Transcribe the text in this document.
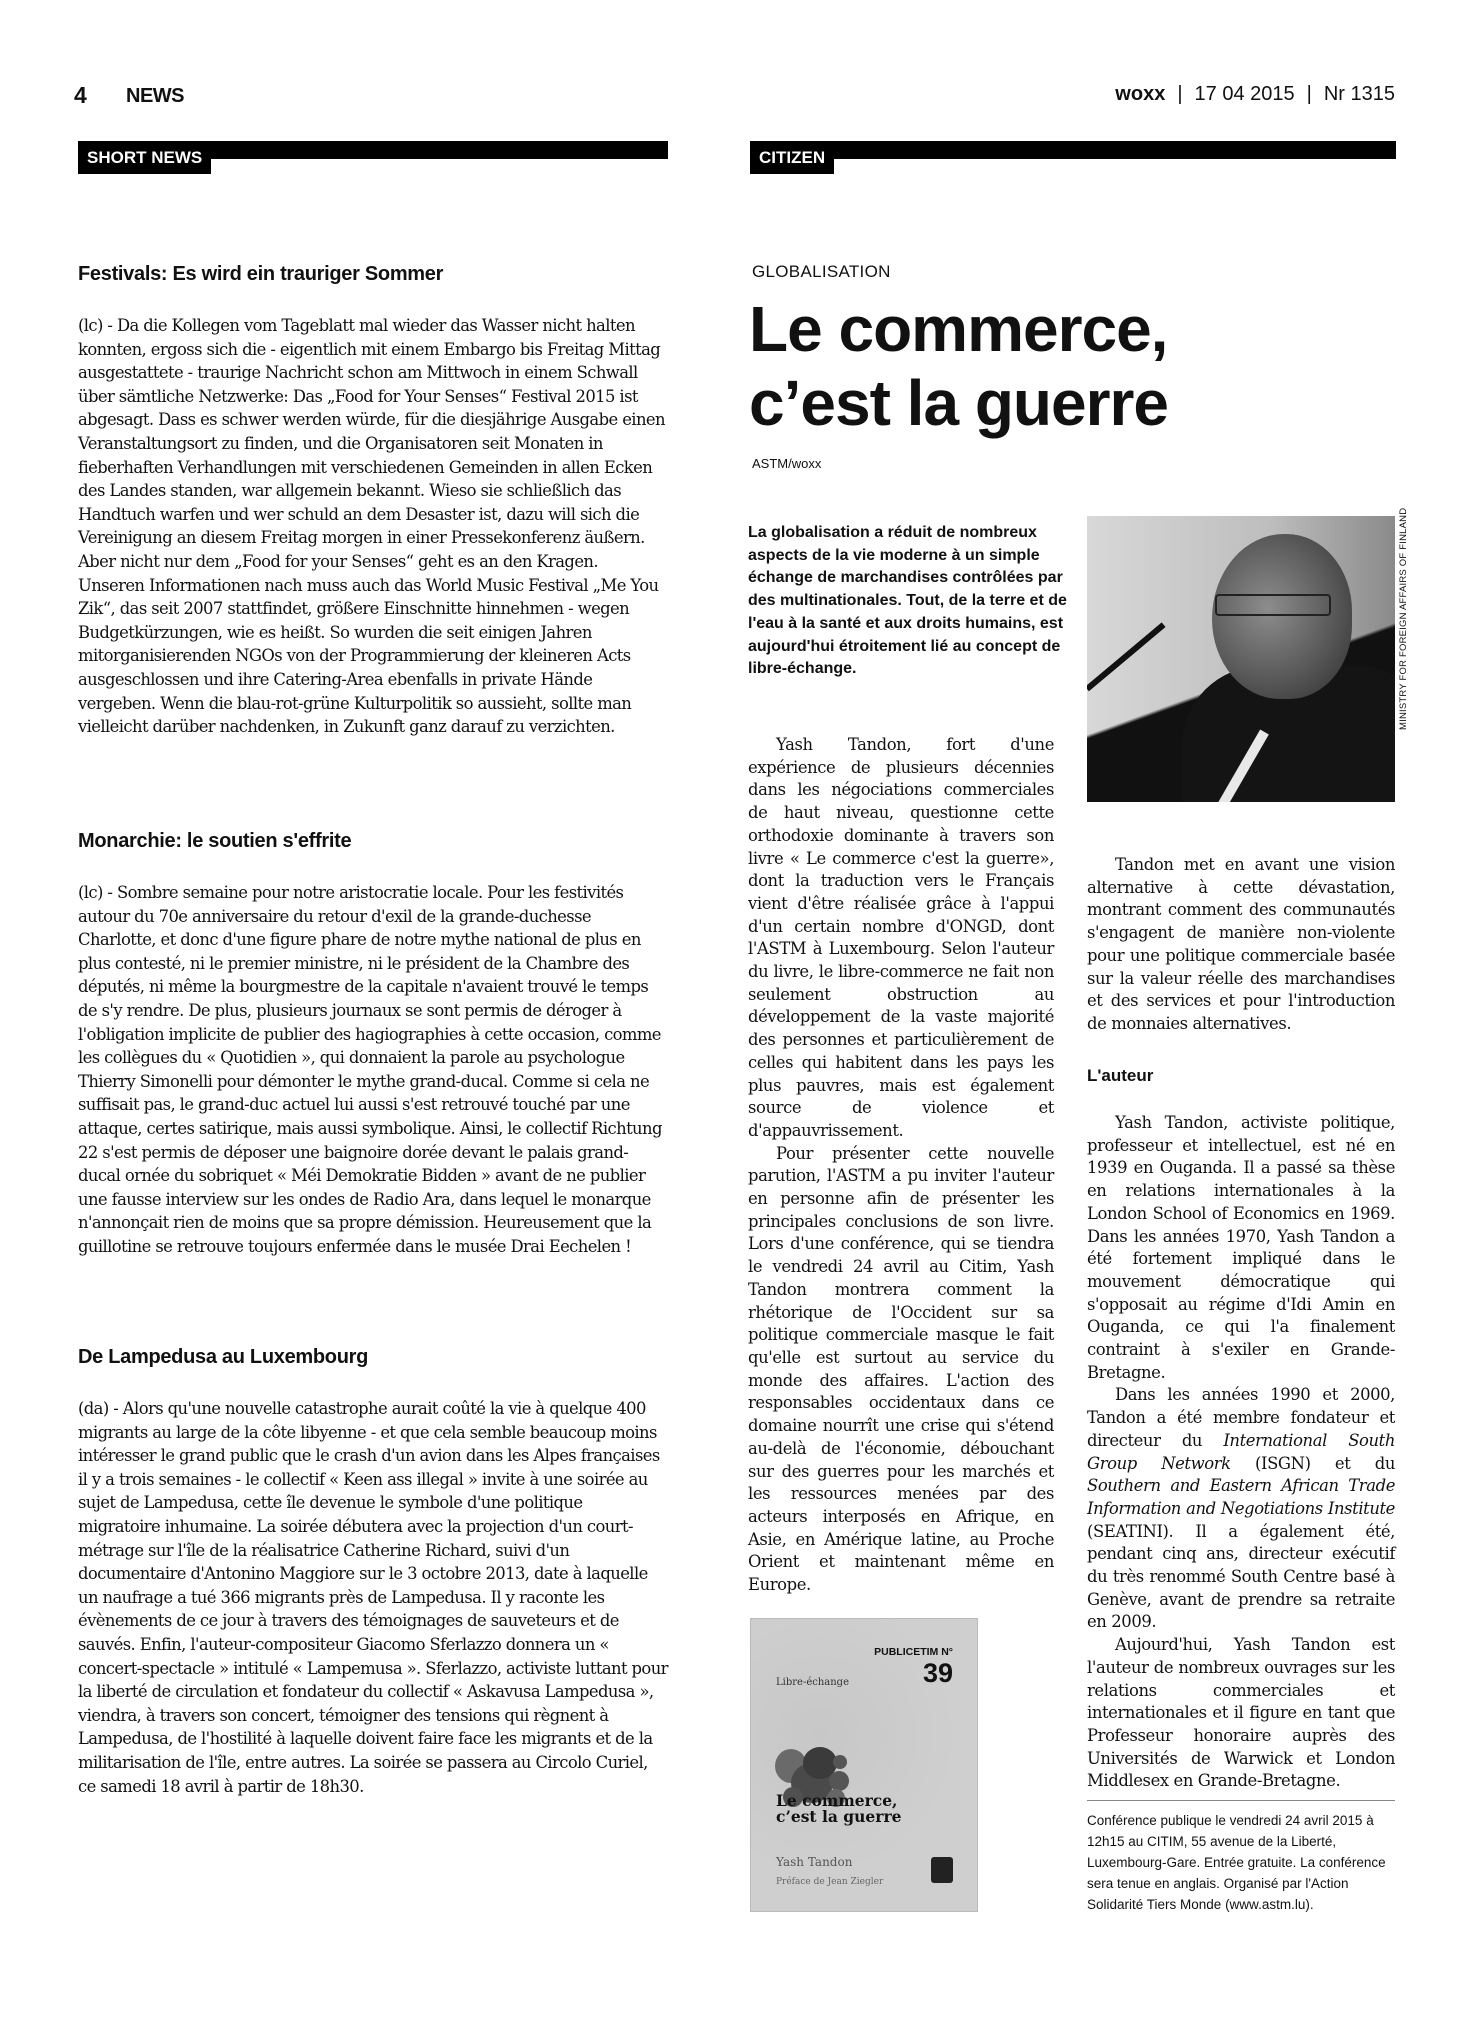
4 NEWS	woxx | 17 04 2015 | Nr 1315
SHORT NEWS	CITIZEN
Festivals: Es wird ein trauriger Sommer

(lc) - Da die Kollegen vom Tageblatt mal wieder das Wasser nicht halten konnten, ergoss sich die - eigentlich mit einem Embargo bis Freitag Mittag ausgestattete - traurige Nachricht schon am Mittwoch in einem Schwall über sämtliche Netzwerke: Das „Food for Your Senses“ Festival 2015 ist abgesagt. Dass es schwer werden würde, für die diesjährige Ausgabe einen Veranstaltungsort zu finden, und die Organisatoren seit Monaten in fieberhaften Verhandlungen mit verschiedenen Gemeinden in allen Ecken des Landes standen, war allgemein bekannt. Wieso sie schließlich das Handtuch warfen und wer schuld an dem Desaster ist, dazu will sich die Vereinigung an diesem Freitag morgen in einer Pressekonferenz äußern. Aber nicht nur dem „Food for your Senses“ geht es an den Kragen. Unseren Informationen nach muss auch das World Music Festival „Me You Zik“, das seit 2007 stattfindet, größere Einschnitte hinnehmen - wegen Budgetkürzungen, wie es heißt. So wurden die seit einigen Jahren mitorganisierenden NGOs von der Programmierung der kleineren Acts ausgeschlossen und ihre Catering-Area ebenfalls in private Hände vergeben. Wenn die blau-rot-grüne Kulturpolitik so aussieht, sollte man vielleicht darüber nachdenken, in Zukunft ganz darauf zu verzichten.

Monarchie: le soutien s'effrite

(lc) - Sombre semaine pour notre aristocratie locale. Pour les festivités autour du 70e anniversaire du retour d'exil de la grande-duchesse Charlotte, et donc d'une figure phare de notre mythe national de plus en plus contesté, ni le premier ministre, ni le président de la Chambre des députés, ni même la bourgmestre de la capitale n'avaient trouvé le temps de s'y rendre. De plus, plusieurs journaux se sont permis de déroger à l'obligation implicite de publier des hagiographies à cette occasion, comme les collègues du « Quotidien », qui donnaient la parole au psychologue Thierry Simonelli pour démonter le mythe grand-ducal. Comme si cela ne suffisait pas, le grand-duc actuel lui aussi s'est retrouvé touché par une attaque, certes satirique, mais aussi symbolique. Ainsi, le collectif Richtung 22 s'est permis de déposer une baignoire dorée devant le palais grand-ducal ornée du sobriquet « Méi Demokratie Bidden » avant de ne publier une fausse interview sur les ondes de Radio Ara, dans lequel le monarque n'annonçait rien de moins que sa propre démission. Heureusement que la guillotine se retrouve toujours enfermée dans le musée Drai Eechelen !

De Lampedusa au Luxembourg

(da) - Alors qu'une nouvelle catastrophe aurait coûté la vie à quelque 400 migrants au large de la côte libyenne - et que cela semble beaucoup moins intéresser le grand public que le crash d'un avion dans les Alpes françaises il y a trois semaines - le collectif « Keen ass illegal » invite à une soirée au sujet de Lampedusa, cette île devenue le symbole d'une politique migratoire inhumaine. La soirée débutera avec la projection d'un court-métrage sur l'île de la réalisatrice Catherine Richard, suivi d'un documentaire d'Antonino Maggiore sur le 3 octobre 2013, date à laquelle un naufrage a tué 366 migrants près de Lampedusa. Il y raconte les évènements de ce jour à travers des témoignages de sauveteurs et de sauvés. Enfin, l'auteur-compositeur Giacomo Sferlazzo donnera un « concert-spectacle » intitulé « Lampemusa ». Sferlazzo, activiste luttant pour la liberté de circulation et fondateur du collectif « Askavusa Lampedusa », viendra, à travers son concert, témoigner des tensions qui règnent à Lampedusa, de l'hostilité à laquelle doivent faire face les migrants et de la militarisation de l'île, entre autres. La soirée se passera au Circolo Curiel, ce samedi 18 avril à partir de 18h30.

GLOBALISATION
Le commerce,
c’est la guerre
ASTM/woxx

La globalisation a réduit de nombreux aspects de la vie moderne à un simple échange de marchandises contrôlées par des multinationales. Tout, de la terre et de l'eau à la santé et aux droits humains, est aujourd'hui étroitement lié au concept de libre-échange.	MINISTRY FOR FOREIGN AFFAIRS OF FINLAND

Yash Tandon, fort d'une expérience de plusieurs décennies dans les négociations commerciales de haut niveau, questionne cette orthodoxie dominante à travers son livre « Le commerce c'est la guerre», dont la traduction vers le Français vient d'être réalisée grâce à l'appui d'un certain nombre d'ONGD, dont l'ASTM à Luxembourg. Selon l'auteur du livre, le libre-commerce ne fait non seulement obstruction au développement de la vaste majorité des personnes et particulièrement de celles qui habitent dans les pays les plus pauvres, mais est également source de violence et d'appauvrissement.

Pour présenter cette nouvelle parution, l'ASTM a pu inviter l'auteur en personne afin de présenter les principales conclusions de son livre. Lors d'une conférence, qui se tiendra le vendredi 24 avril au Citim, Yash Tandon montrera comment la rhétorique de l'Occident sur sa politique commerciale masque le fait qu'elle est surtout au service du monde des affaires. L'action des responsables occidentaux dans ce domaine nourrît une crise qui s'étend au-delà de l'économie, débouchant sur des guerres pour les marchés et les ressources menées par des acteurs interposés en Afrique, en Asie, en Amérique latine, au Proche Orient et maintenant même en Europe.

Tandon met en avant une vision alternative à cette dévastation, montrant comment des communautés s'engagent de manière non-violente pour une politique commerciale basée sur la valeur réelle des marchandises et des services et pour l'introduction de monnaies alternatives.

L'auteur

Yash Tandon, activiste politique, professeur et intellectuel, est né en 1939 en Ouganda. Il a passé sa thèse en relations internationales à la London School of Economics en 1969. Dans les années 1970, Yash Tandon a été fortement impliqué dans le mouvement démocratique qui s'opposait au régime d'Idi Amin en Ouganda, ce qui l'a finalement contraint à s'exiler en Grande-Bretagne.

Dans les années 1990 et 2000, Tandon a été membre fondateur et directeur du International South Group Network (ISGN) et du Southern and Eastern African Trade Information and Negotiations Institute (SEATINI). Il a également été, pendant cinq ans, directeur exécutif du très renommé South Centre basé à Genève, avant de prendre sa retraite en 2009.

Aujourd'hui, Yash Tandon est l'auteur de nombreux ouvrages sur les relations commerciales et internationales et il figure en tant que Professeur honoraire auprès des Universités de Warwick et London Middlesex en Grande-Bretagne.

Conférence publique le vendredi 24 avril 2015 à 12h15 au CITIM, 55 avenue de la Liberté, Luxembourg-Gare. Entrée gratuite. La conférence sera tenue en anglais. Organisé par l'Action Solidarité Tiers Monde (www.astm.lu).

PUBLICETIM N°
39
Libre-échange
Le commerce,
c’est la guerre
Yash Tandon
Préface de Jean Ziegler
